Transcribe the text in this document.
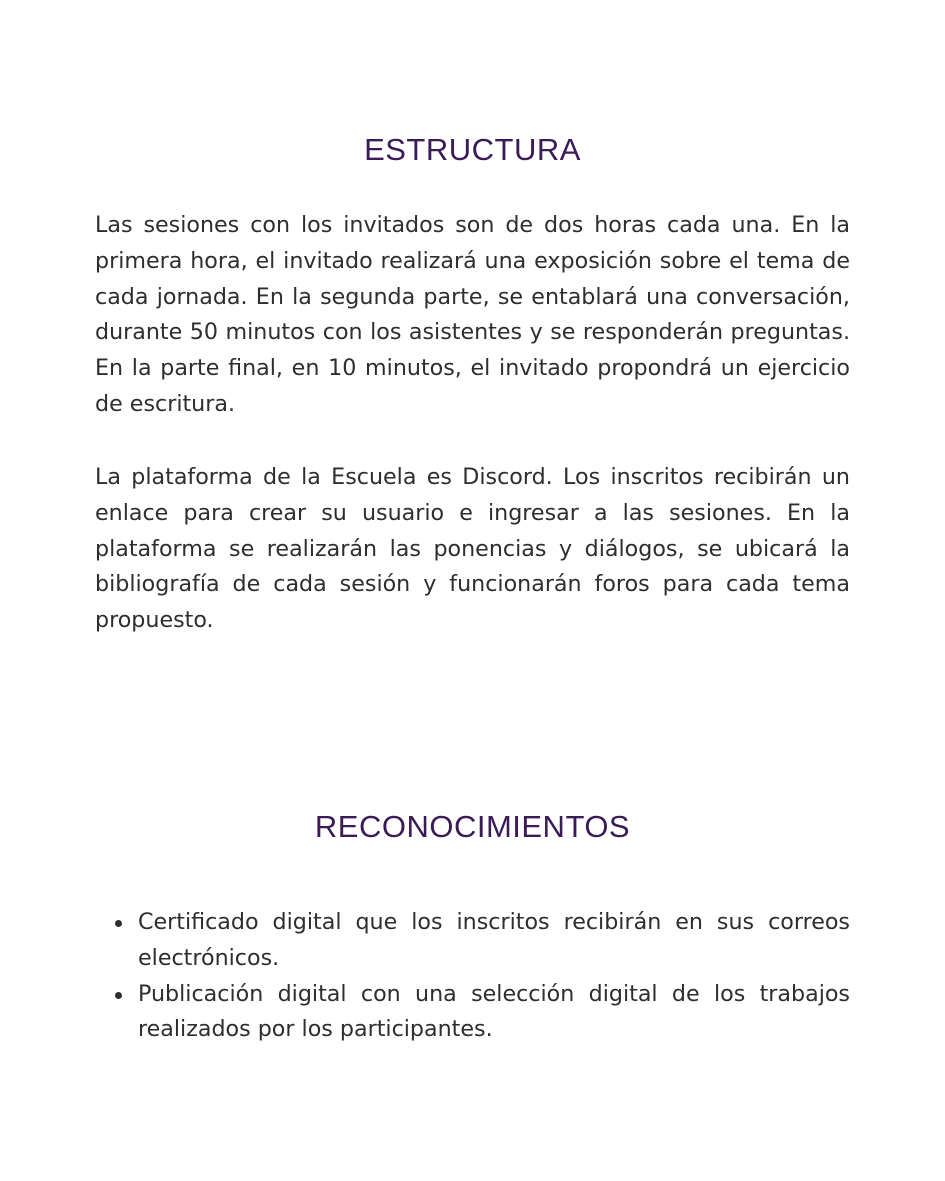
ESTRUCTURA

Las sesiones con los invitados son de dos horas cada una. En la primera hora, el invitado realizará una exposición sobre el tema de cada jornada. En la segunda parte, se entablará una conversación, durante 50 minutos con los asistentes y se responderán preguntas. En la parte final, en 10 minutos, el invitado propondrá un ejercicio de escritura.

La plataforma de la Escuela es Discord. Los inscritos recibirán un enlace para crear su usuario e ingresar a las sesiones. En la plataforma se realizarán las ponencias y diálogos, se ubicará la bibliografía de cada sesión y funcionarán foros para cada tema propuesto.

RECONOCIMIENTOS
Certificado digital que los inscritos recibirán en sus correos electrónicos.
Publicación digital con una selección digital de los trabajos realizados por los participantes.
